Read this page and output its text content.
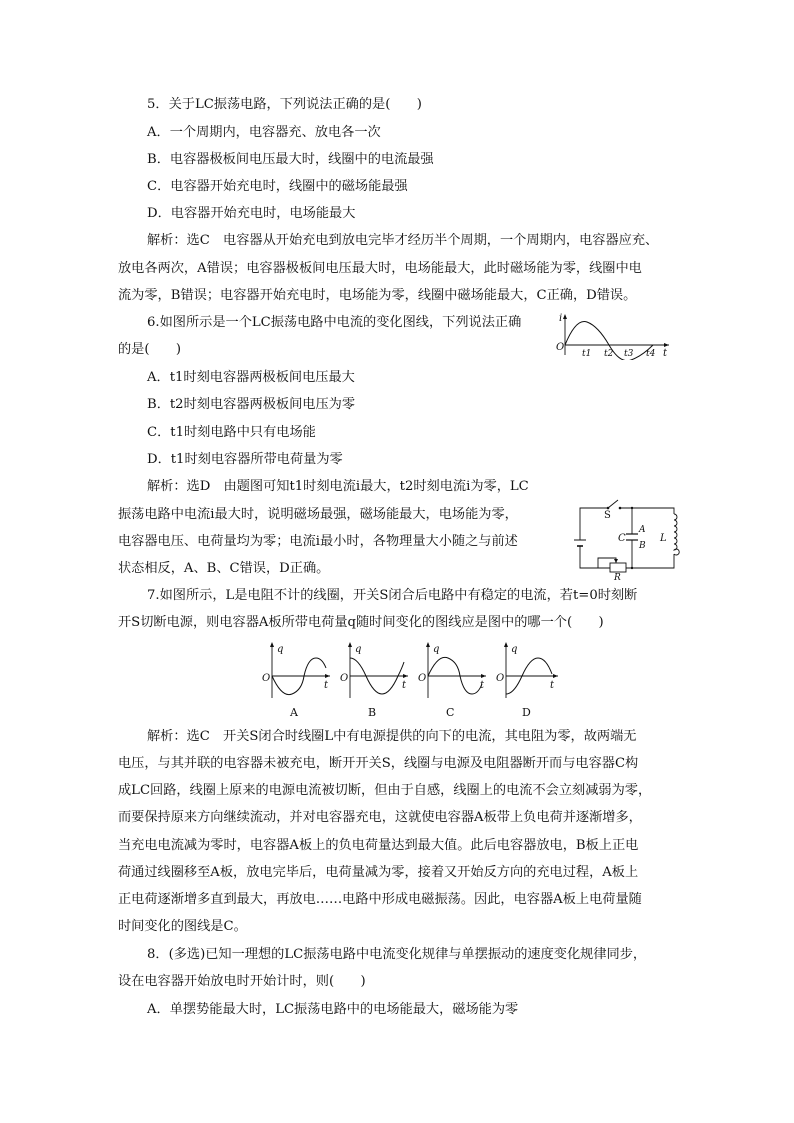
5．关于LC振荡电路，下列说法正确的是(　　)
A．一个周期内，电容器充、放电各一次
B．电容器极板间电压最大时，线圈中的电流最强
C．电容器开始充电时，线圈中的磁场能最强
D．电容器开始充电时，电场能最大
解析：选C　电容器从开始充电到放电完毕才经历半个周期，一个周期内，电容器应充、
放电各两次，A错误；电容器极板间电压最大时，电场能最大，此时磁场能为零，线圈中电
流为零，B错误；电容器开始充电时，电场能为零，线圈中磁场能最大，C正确，D错误。
6.如图所示是一个LC振荡电路中电流的变化图线，下列说法正确
的是(　　)
A．t1时刻电容器两极板间电压最大
B．t2时刻电容器两极板间电压为零
C．t1时刻电路中只有电场能
D．t1时刻电容器所带电荷量为零
解析：选D　由题图可知t1时刻电流i最大，t2时刻电流i为零，LC
振荡电路中电流i最大时，说明磁场最强，磁场能最大，电场能为零，
电容器电压、电荷量均为零；电流i最小时，各物理量大小随之与前述
状态相反，A、B、C错误，D正确。
i
O
t1 t2 t3 t4 t
S
C
A
B
L
R
7.如图所示，L是电阻不计的线圈，开关S闭合后电路中有稳定的电流，若t=0时刻断
开S切断电源，则电容器A板所带电荷量q随时间变化的图线应是图中的哪一个(　　)
q
O
t
A
q
O
t
B
q
O
t
C
q
O
t
D
解析：选C　开关S闭合时线圈L中有电源提供的向下的电流，其电阻为零，故两端无
电压，与其并联的电容器未被充电，断开开关S，线圈与电源及电阻器断开而与电容器C构
成LC回路，线圈上原来的电源电流被切断，但由于自感，线圈上的电流不会立刻减弱为零，
而要保持原来方向继续流动，并对电容器充电，这就使电容器A板带上负电荷并逐渐增多，
当充电电流减为零时，电容器A板上的负电荷量达到最大值。此后电容器放电，B板上正电
荷通过线圈移至A板，放电完毕后，电荷量减为零，接着又开始反方向的充电过程，A板上
正电荷逐渐增多直到最大，再放电……电路中形成电磁振荡。因此，电容器A板上电荷量随
时间变化的图线是C。
8．(多选)已知一理想的LC振荡电路中电流变化规律与单摆振动的速度变化规律同步，
设在电容器开始放电时开始计时，则(　　)
A．单摆势能最大时，LC振荡电路中的电场能最大，磁场能为零
